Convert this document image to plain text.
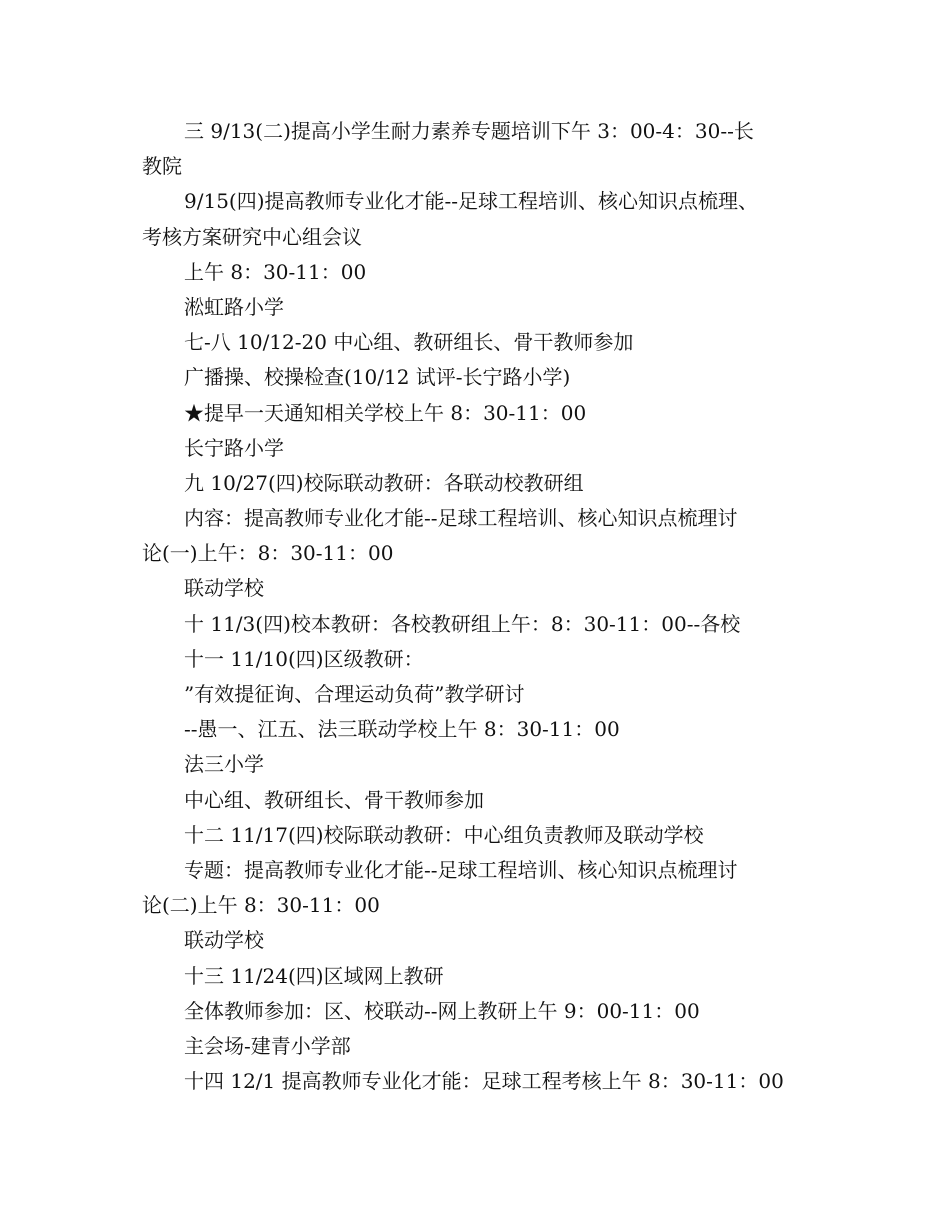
三 9/13(二)提高小学生耐力素养专题培训下午 3：00-4：30--长
教院
9/15(四)提高教师专业化才能--足球工程培训、核心知识点梳理、
考核方案研究中心组会议
上午 8：30-11：00
淞虹路小学
七-八 10/12-20 中心组、教研组长、骨干教师参加
广播操、校操检查(10/12 试评-长宁路小学)
★提早一天通知相关学校上午 8：30-11：00
长宁路小学
九 10/27(四)校际联动教研：各联动校教研组
内容：提高教师专业化才能--足球工程培训、核心知识点梳理讨
论(一)上午：8：30-11：00
联动学校
十 11/3(四)校本教研：各校教研组上午：8：30-11：00--各校
十一 11/10(四)区级教研：
”有效提征询、合理运动负荷”教学研讨
--愚一、江五、法三联动学校上午 8：30-11：00
法三小学
中心组、教研组长、骨干教师参加
十二 11/17(四)校际联动教研：中心组负责教师及联动学校
专题：提高教师专业化才能--足球工程培训、核心知识点梳理讨
论(二)上午 8：30-11：00
联动学校
十三 11/24(四)区域网上教研
全体教师参加：区、校联动--网上教研上午 9：00-11：00
主会场-建青小学部
十四 12/1 提高教师专业化才能：足球工程考核上午 8：30-11：00
